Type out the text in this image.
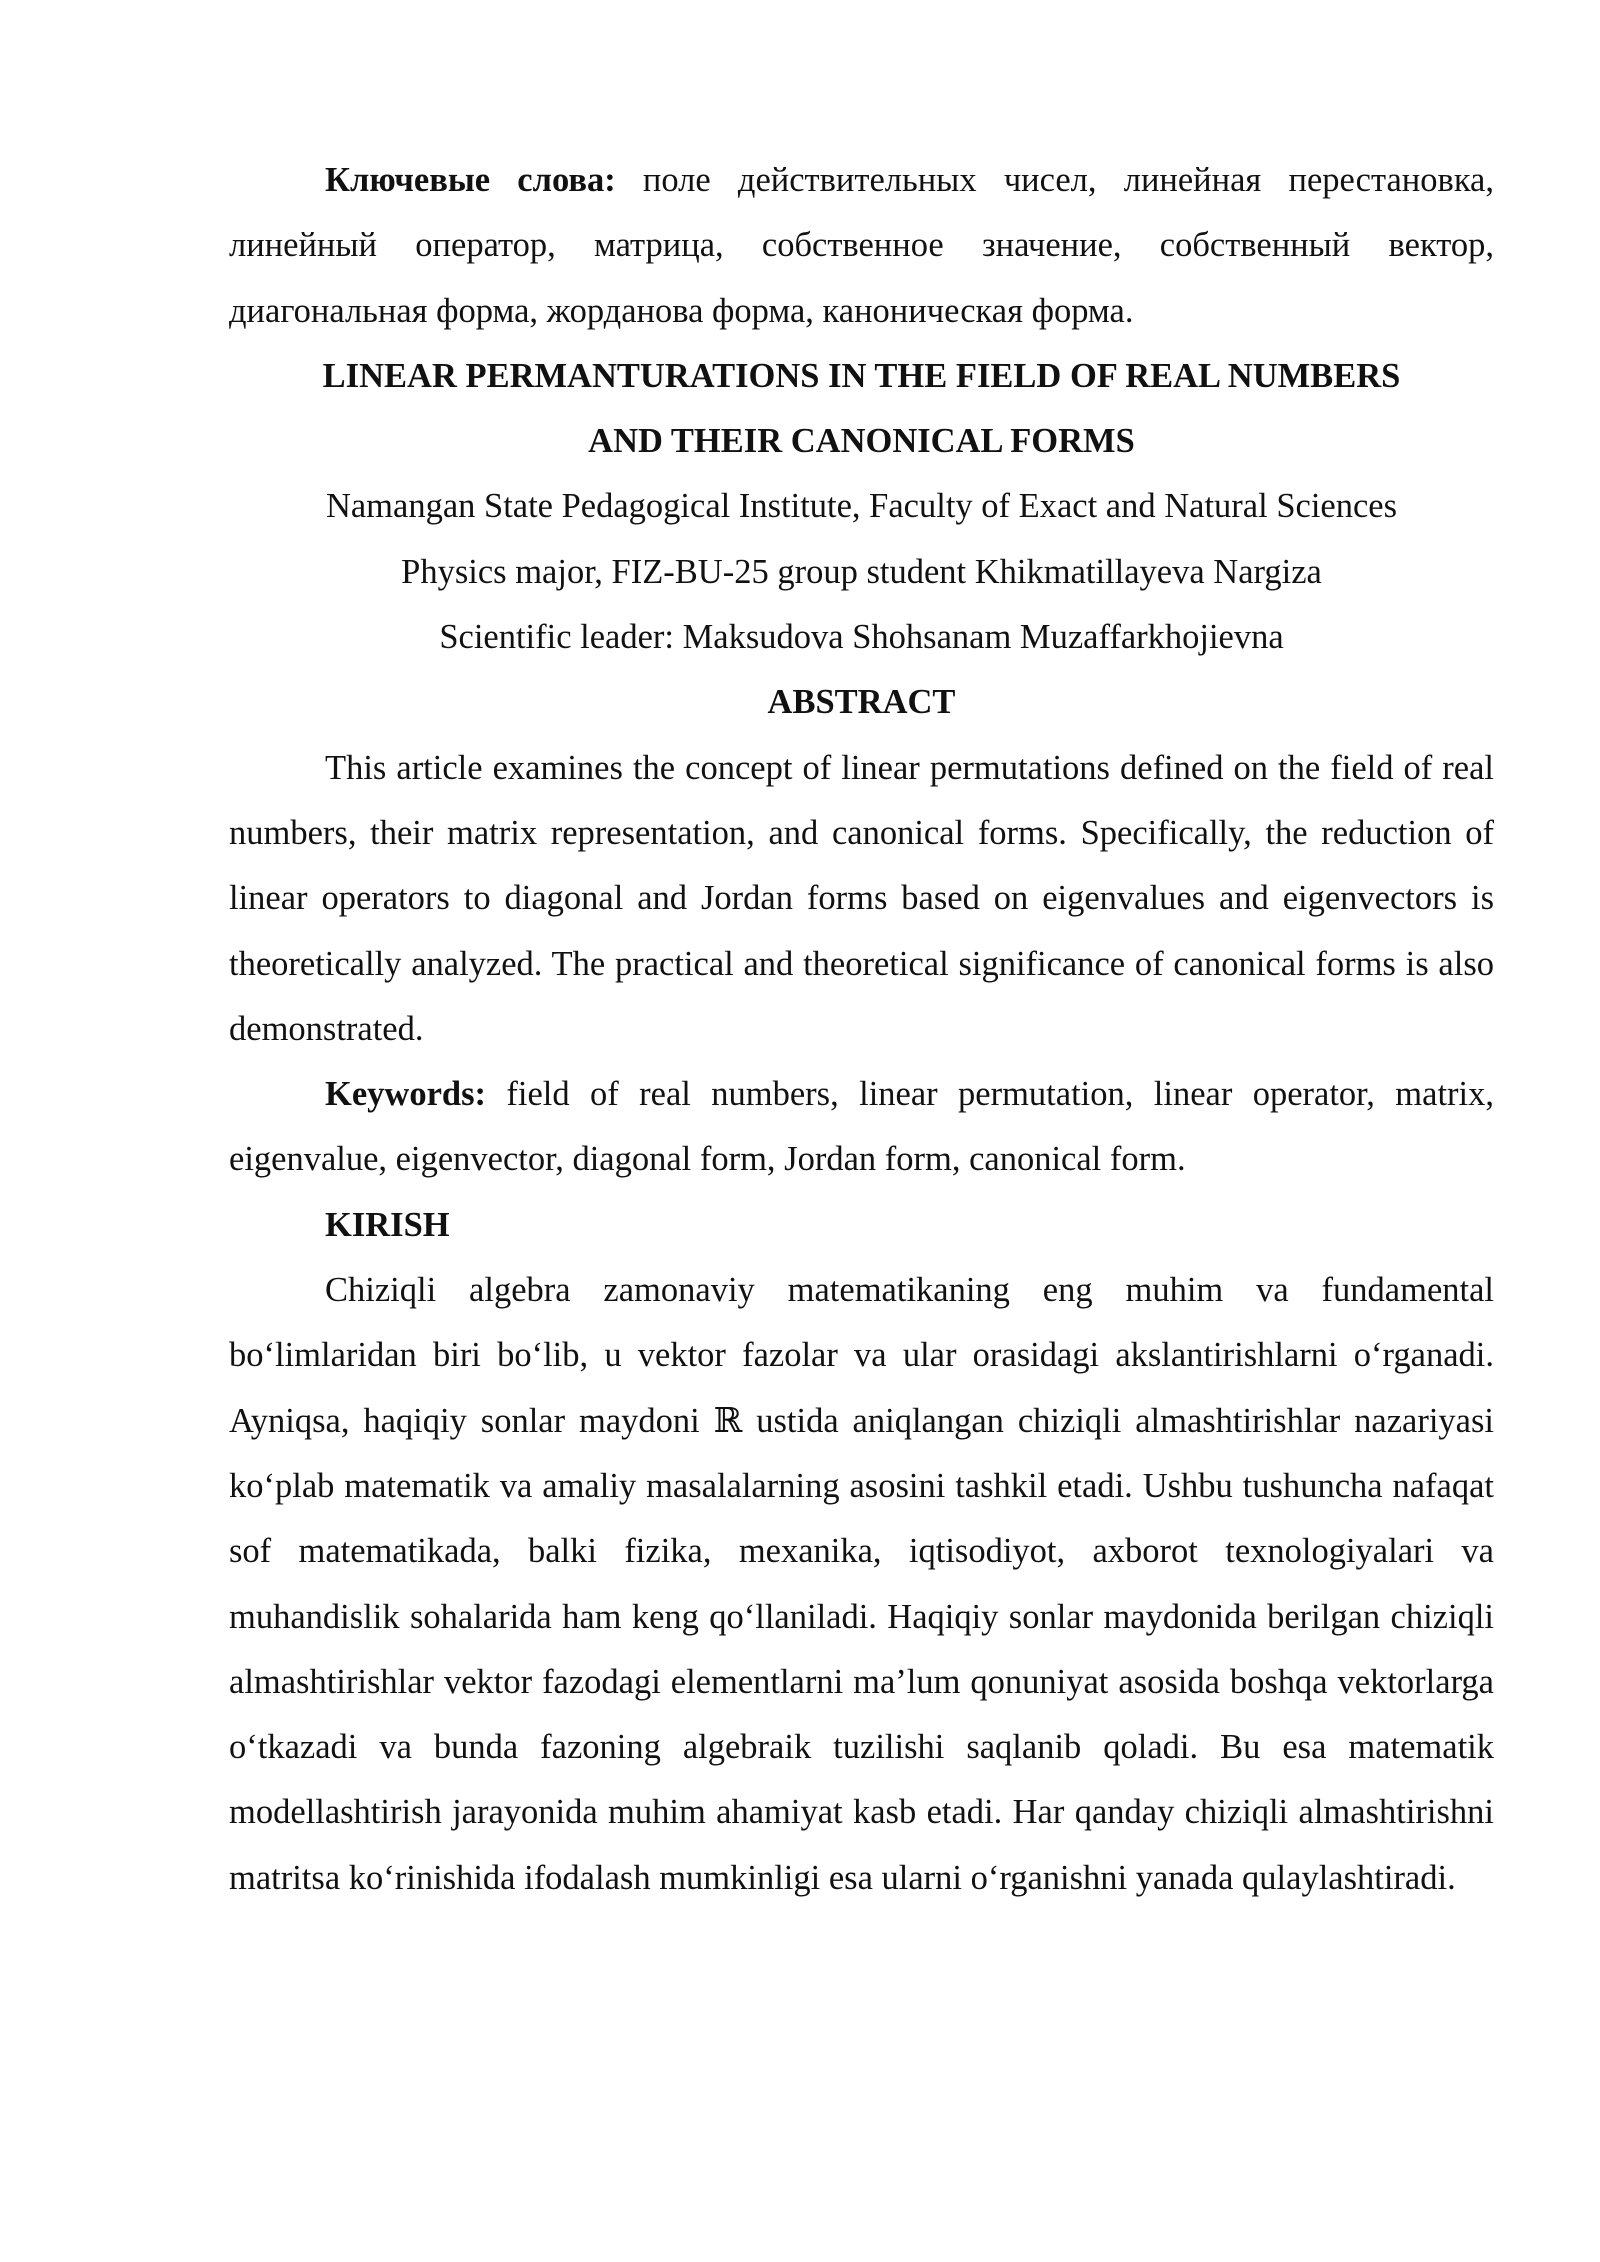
Ключевые слова: поле действительных чисел, линейная перестановка, линейный оператор, матрица, собственное значение, собственный вектор, диагональная форма, жорданова форма, каноническая форма.

LINEAR PERMANTURATIONS IN THE FIELD OF REAL NUMBERS

AND THEIR CANONICAL FORMS

Namangan State Pedagogical Institute, Faculty of Exact and Natural Sciences

Physics major, FIZ-BU-25 group student Khikmatillayeva Nargiza

Scientific leader: Maksudova Shohsanam Muzaffarkhojievna

ABSTRACT

This article examines the concept of linear permutations defined on the field of real numbers, their matrix representation, and canonical forms. Specifically, the reduction of linear operators to diagonal and Jordan forms based on eigenvalues and eigenvectors is theoretically analyzed. The practical and theoretical significance of canonical forms is also demonstrated.

Keywords: field of real numbers, linear permutation, linear operator, matrix, eigenvalue, eigenvector, diagonal form, Jordan form, canonical form.

KIRISH

Chiziqli algebra zamonaviy matematikaning eng muhim va fundamental bo‘limlaridan biri bo‘lib, u vektor fazolar va ular orasidagi akslantirishlarni o‘rganadi. Ayniqsa, haqiqiy sonlar maydoni ℝ ustida aniqlangan chiziqli almashtirishlar nazariyasi ko‘plab matematik va amaliy masalalarning asosini tashkil etadi. Ushbu tushuncha nafaqat sof matematikada, balki fizika, mexanika, iqtisodiyot, axborot texnologiyalari va muhandislik sohalarida ham keng qo‘llaniladi. Haqiqiy sonlar maydonida berilgan chiziqli almashtirishlar vektor fazodagi elementlarni ma’lum qonuniyat asosida boshqa vektorlarga o‘tkazadi va bunda fazoning algebraik tuzilishi saqlanib qoladi. Bu esa matematik modellashtirish jarayonida muhim ahamiyat kasb etadi. Har qanday chiziqli almashtirishni matritsa ko‘rinishida ifodalash mumkinligi esa ularni o‘rganishni yanada qulaylashtiradi.
